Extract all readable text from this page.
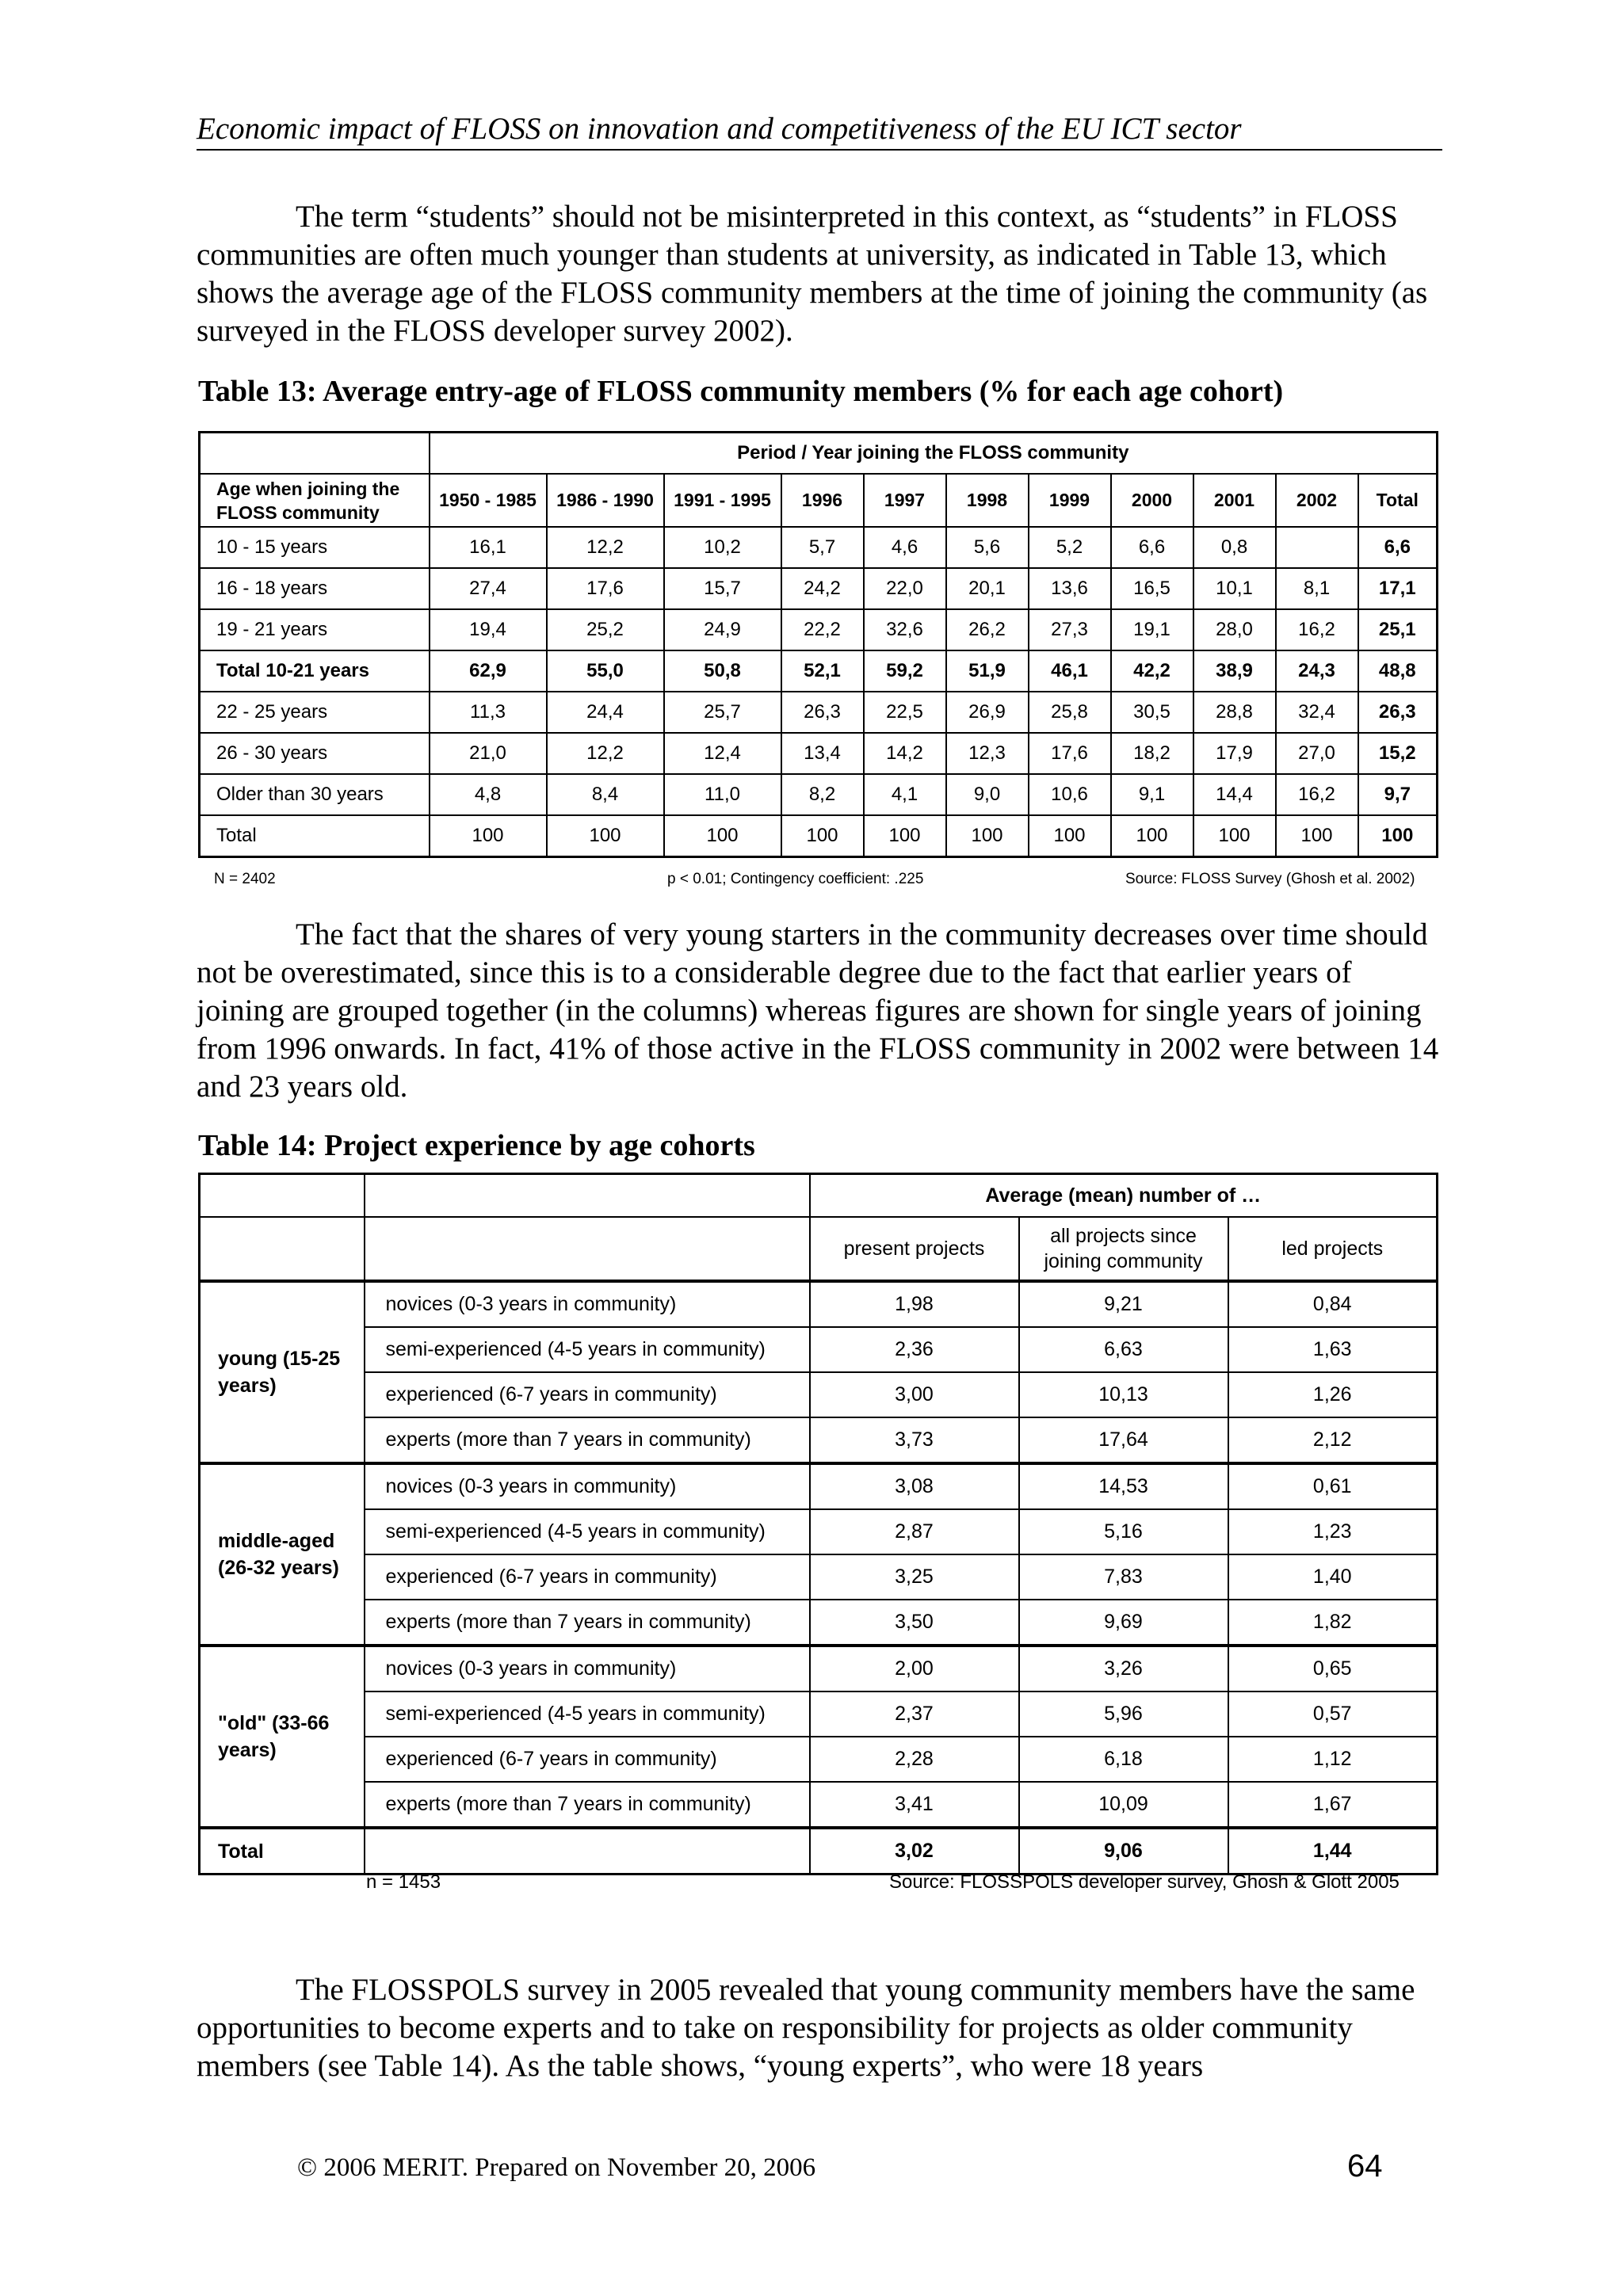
Economic impact of FLOSS on innovation and competitiveness of the EU ICT sector

The term “students” should not be misinterpreted in this context, as “students” in FLOSS communities are often much younger than students at university, as indicated in Table 13, which shows the average age of the FLOSS community members at the time of joining the community (as surveyed in the FLOSS developer survey 2002).

Table 13: Average entry-age of FLOSS community members (% for each age cohort)
	Period / Year joining the FLOSS community										
Age when joining the FLOSS community	1950 - 1985	1986 - 1990	1991 - 1995	1996	1997	1998	1999	2000	2001	2002	Total
10 - 15 years	16,1	12,2	10,2	5,7	4,6	5,6	5,2	6,6	0,8		6,6
16 - 18 years	27,4	17,6	15,7	24,2	22,0	20,1	13,6	16,5	10,1	8,1	17,1
19 - 21 years	19,4	25,2	24,9	22,2	32,6	26,2	27,3	19,1	28,0	16,2	25,1
Total 10-21 years	62,9	55,0	50,8	52,1	59,2	51,9	46,1	42,2	38,9	24,3	48,8
22 - 25 years	11,3	24,4	25,7	26,3	22,5	26,9	25,8	30,5	28,8	32,4	26,3
26 - 30 years	21,0	12,2	12,4	13,4	14,2	12,3	17,6	18,2	17,9	27,0	15,2
Older than 30 years	4,8	8,4	11,0	8,2	4,1	9,0	10,6	9,1	14,4	16,2	9,7
Total	100	100	100	100	100	100	100	100	100	100	100
N = 2402	p < 0.01; Contingency coefficient: .225	Source: FLOSS Survey (Ghosh et al. 2002)

The fact that the shares of very young starters in the community decreases over time should not be overestimated, since this is to a considerable degree due to the fact that earlier years of joining are grouped together (in the columns) whereas figures are shown for single years of joining from 1996 onwards. In fact, 41% of those active in the FLOSS community in 2002 were between 14 and 23 years old.

Table 14: Project experience by age cohorts
		Average (mean) number of …		
		present projects	all projects since joining community	led projects
young (15-25 years)	novices (0-3 years in community)	1,98	9,21	0,84
	semi-experienced (4-5 years in community)	2,36	6,63	1,63
	experienced (6-7 years in community)	3,00	10,13	1,26
	experts (more than 7 years in community)	3,73	17,64	2,12
middle-aged (26-32 years)	novices (0-3 years in community)	3,08	14,53	0,61
	semi-experienced (4-5 years in community)	2,87	5,16	1,23
	experienced (6-7 years in community)	3,25	7,83	1,40
	experts (more than 7 years in community)	3,50	9,69	1,82
"old" (33-66 years)	novices (0-3 years in community)	2,00	3,26	0,65
	semi-experienced (4-5 years in community)	2,37	5,96	0,57
	experienced (6-7 years in community)	2,28	6,18	1,12
	experts (more than 7 years in community)	3,41	10,09	1,67
Total		3,02	9,06	1,44
n = 1453	Source: FLOSSPOLS developer survey, Ghosh & Glott 2005

The FLOSSPOLS survey in 2005 revealed that young community members have the same opportunities to become experts and to take on responsibility for projects as older community members (see Table 14). As the table shows, “young experts”, who were 18 years

© 2006 MERIT. Prepared on November 20, 2006	64
